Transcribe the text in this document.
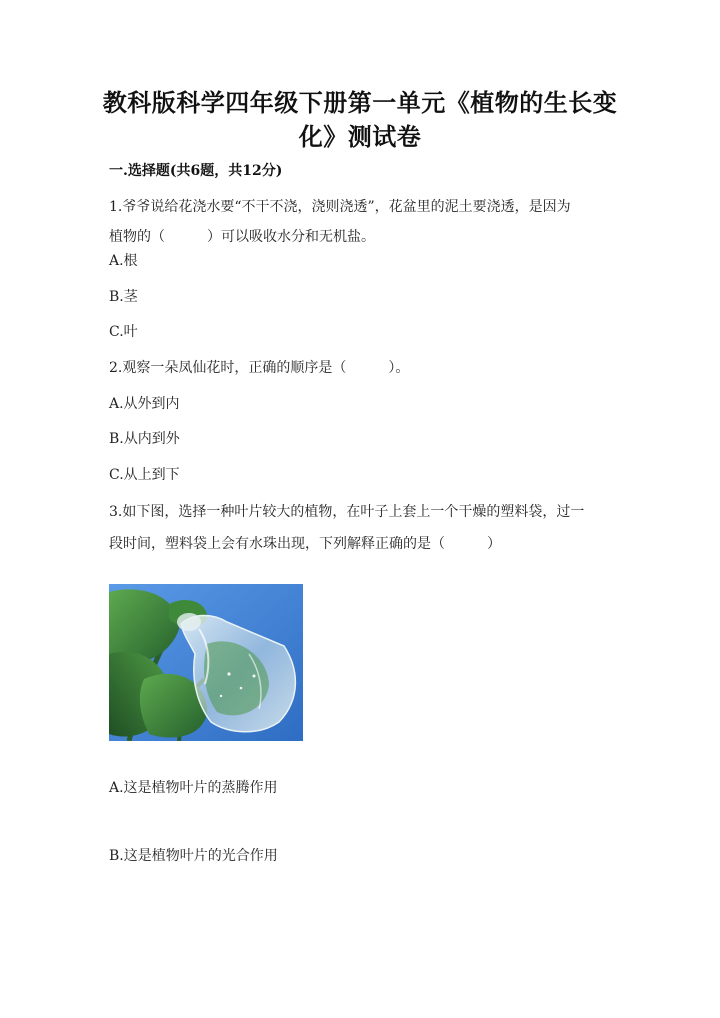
教科版科学四年级下册第一单元《植物的生长变
化》测试卷
一.选择题(共6题，共12分)
1.爷爷说给花浇水要“不干不浇，浇则浇透”，花盆里的泥土要浇透，是因为
植物的（　　　）可以吸收水分和无机盐。
A.根
B.茎
C.叶
2.观察一朵凤仙花时，正确的顺序是（　　　）。
A.从外到内
B.从内到外
C.从上到下
3.如下图，选择一种叶片较大的植物，在叶子上套上一个干燥的塑料袋，过一
段时间，塑料袋上会有水珠出现，下列解释正确的是（　　　）
A.这是植物叶片的蒸腾作用
B.这是植物叶片的光合作用
